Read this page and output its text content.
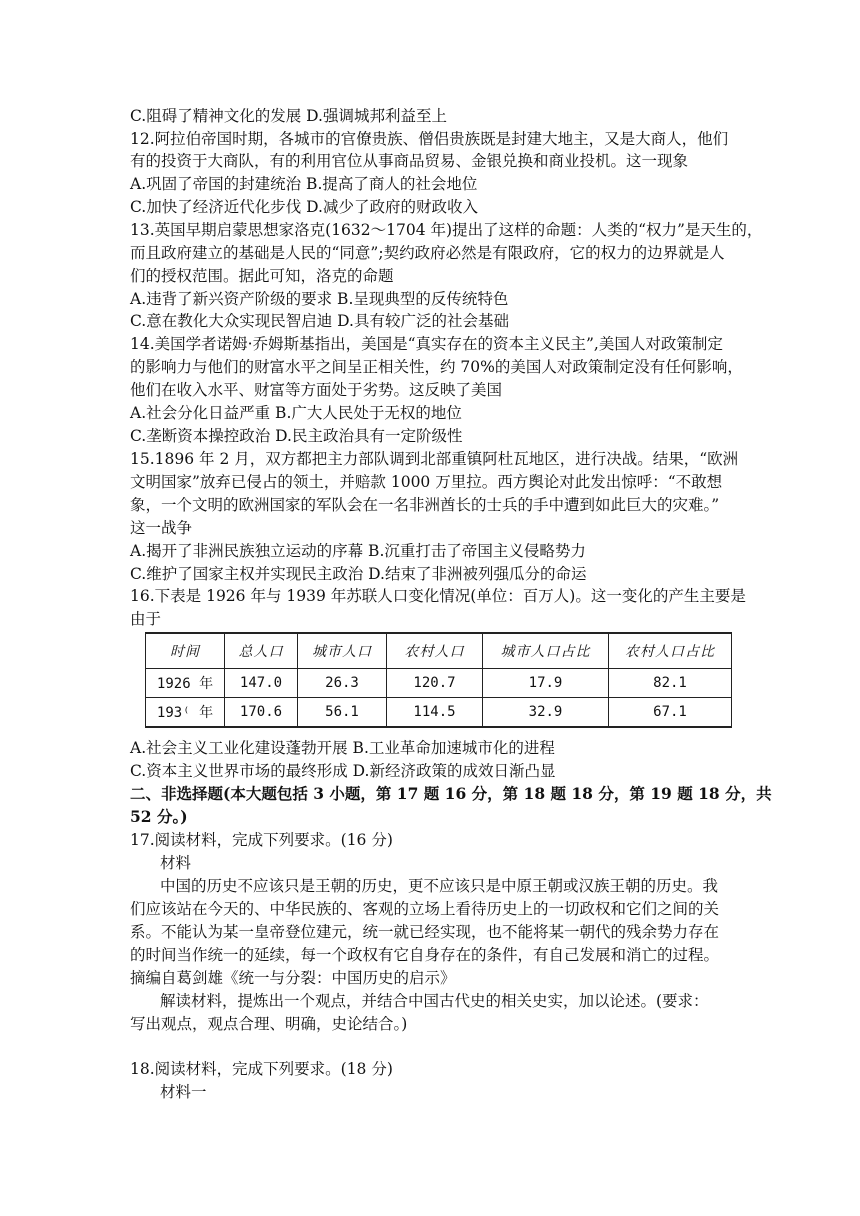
C.阻碍了精神文化的发展 D.强调城邦利益至上
12.阿拉伯帝国时期，各城市的官僚贵族、僧侣贵族既是封建大地主，又是大商人，他们
有的投资于大商队，有的利用官位从事商品贸易、金银兑换和商业投机。这一现象
A.巩固了帝国的封建统治 B.提高了商人的社会地位
C.加快了经济近代化步伐 D.减少了政府的财政收入
13.英国早期启蒙思想家洛克(1632～1704 年)提出了这样的命题：人类的“权力”是天生的，
而且政府建立的基础是人民的“同意”;契约政府必然是有限政府，它的权力的边界就是人
们的授权范围。据此可知，洛克的命题
A.违背了新兴资产阶级的要求 B.呈现典型的反传统特色
C.意在教化大众实现民智启迪 D.具有较广泛的社会基础
14.美国学者诺姆·乔姆斯基指出，美国是“真实存在的资本主义民主”,美国人对政策制定
的影响力与他们的财富水平之间呈正相关性，约 70%的美国人对政策制定没有任何影响，
他们在收入水平、财富等方面处于劣势。这反映了美国
A.社会分化日益严重 B.广大人民处于无权的地位
C.垄断资本操控政治 D.民主政治具有一定阶级性
15.1896 年 2 月，双方都把主力部队调到北部重镇阿杜瓦地区，进行决战。结果，“欧洲
文明国家”放弃已侵占的领土，并赔款 1000 万里拉。西方舆论对此发出惊呼：“不敢想
象，一个文明的欧洲国家的军队会在一名非洲酋长的士兵的手中遭到如此巨大的灾难。”
这一战争
A.揭开了非洲民族独立运动的序幕 B.沉重打击了帝国主义侵略势力
C.维护了国家主权并实现民主政治 D.结束了非洲被列强瓜分的命运
16.下表是 1926 年与 1939 年苏联人口变化情况(单位：百万人)。这一变化的产生主要是
由于
时间	总人口	城市人口	农村人口	城市人口占比	农村人口占比
1926 年	147.0	26.3	120.7	17.9	82.1
193⁽ 年	170.6	56.1	114.5	32.9	67.1
A.社会主义工业化建设蓬勃开展 B.工业革命加速城市化的进程
C.资本主义世界市场的最终形成 D.新经济政策的成效日渐凸显
二、非选择题(本大题包括 3 小题，第 17 题 16 分，第 18 题 18 分，第 19 题 18 分，共
52 分。)
17.阅读材料，完成下列要求。(16 分)
材料
中国的历史不应该只是王朝的历史，更不应该只是中原王朝或汉族王朝的历史。我
们应该站在今天的、中华民族的、客观的立场上看待历史上的一切政权和它们之间的关
系。不能认为某一皇帝登位建元，统一就已经实现，也不能将某一朝代的残余势力存在
的时间当作统一的延续，每一个政权有它自身存在的条件，有自己发展和消亡的过程。
摘编自葛剑雄《统一与分裂：中国历史的启示》
解读材料，提炼出一个观点，并结合中国古代史的相关史实，加以论述。(要求：
写出观点，观点合理、明确，史论结合。)
18.阅读材料，完成下列要求。(18 分)
材料一
